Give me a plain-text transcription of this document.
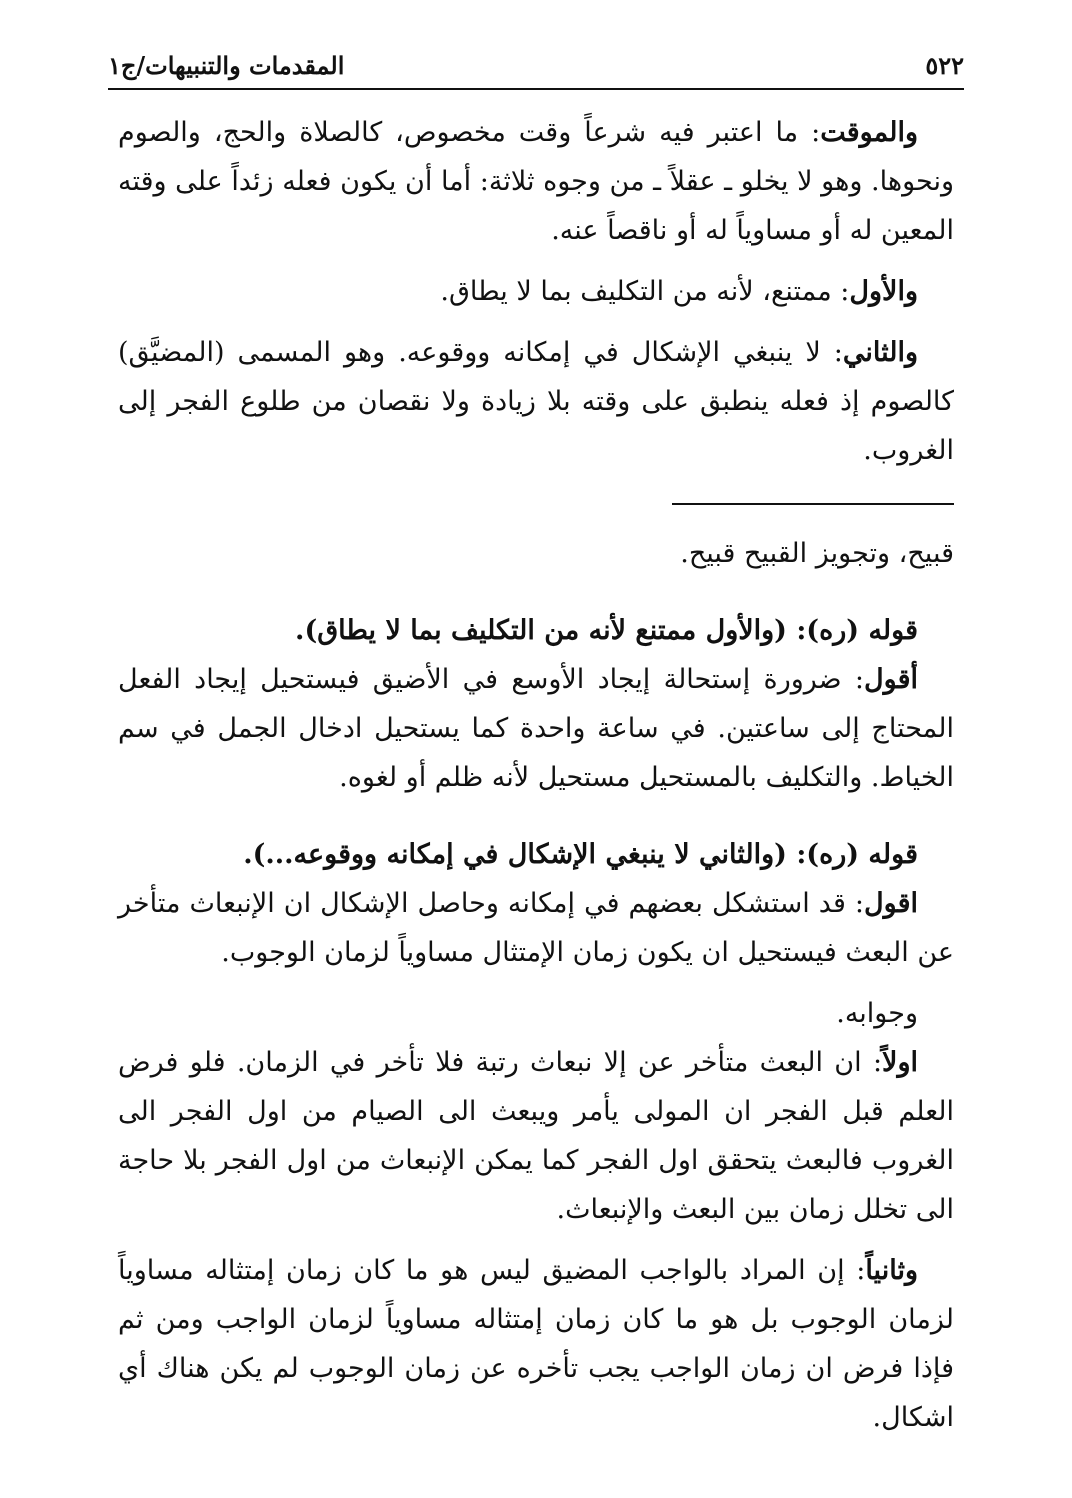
٥٢٢
المقدمات والتنبيهات/ج١

والموقت: ما اعتبر فيه شرعاً وقت مخصوص، كالصلاة والحج، والصوم ونحوها. وهو لا يخلو ـ عقلاً ـ من وجوه ثلاثة: أما أن يكون فعله زئداً على وقته المعين له أو مساوياً له أو ناقصاً عنه.

والأول: ممتنع، لأنه من التكليف بما لا يطاق.

والثاني: لا ينبغي الإشكال في إمكانه ووقوعه. وهو المسمى (المضيَّق) كالصوم إذ فعله ينطبق على وقته بلا زيادة ولا نقصان من طلوع الفجر إلى الغروب.

قبيح، وتجويز القبيح قبيح.

قوله (ره): (والأول ممتنع لأنه من التكليف بما لا يطاق).

أقول: ضرورة إستحالة إيجاد الأوسع في الأضيق فيستحيل إيجاد الفعل المحتاج إلى ساعتين. في ساعة واحدة كما يستحيل ادخال الجمل في سم الخياط. والتكليف بالمستحيل مستحيل لأنه ظلم أو لغوه.

قوله (ره): (والثاني لا ينبغي الإشكال في إمكانه ووقوعه...).

اقول: قد استشكل بعضهم في إمكانه وحاصل الإشكال ان الإنبعاث متأخر عن البعث فيستحيل ان يكون زمان الإمتثال مساوياً لزمان الوجوب.

وجوابه.

اولاً: ان البعث متأخر عن إلا نبعاث رتبة فلا تأخر في الزمان. فلو فرض العلم قبل الفجر ان المولى يأمر ويبعث الى الصيام من اول الفجر الى الغروب فالبعث يتحقق اول الفجر كما يمكن الإنبعاث من اول الفجر بلا حاجة الى تخلل زمان بين البعث والإنبعاث.

وثانياً: إن المراد بالواجب المضيق ليس هو ما كان زمان إمتثاله مساوياً لزمان الوجوب بل هو ما كان زمان إمتثاله مساوياً لزمان الواجب ومن ثم فإذا فرض ان زمان الواجب يجب تأخره عن زمان الوجوب لم يكن هناك أي اشكال.
